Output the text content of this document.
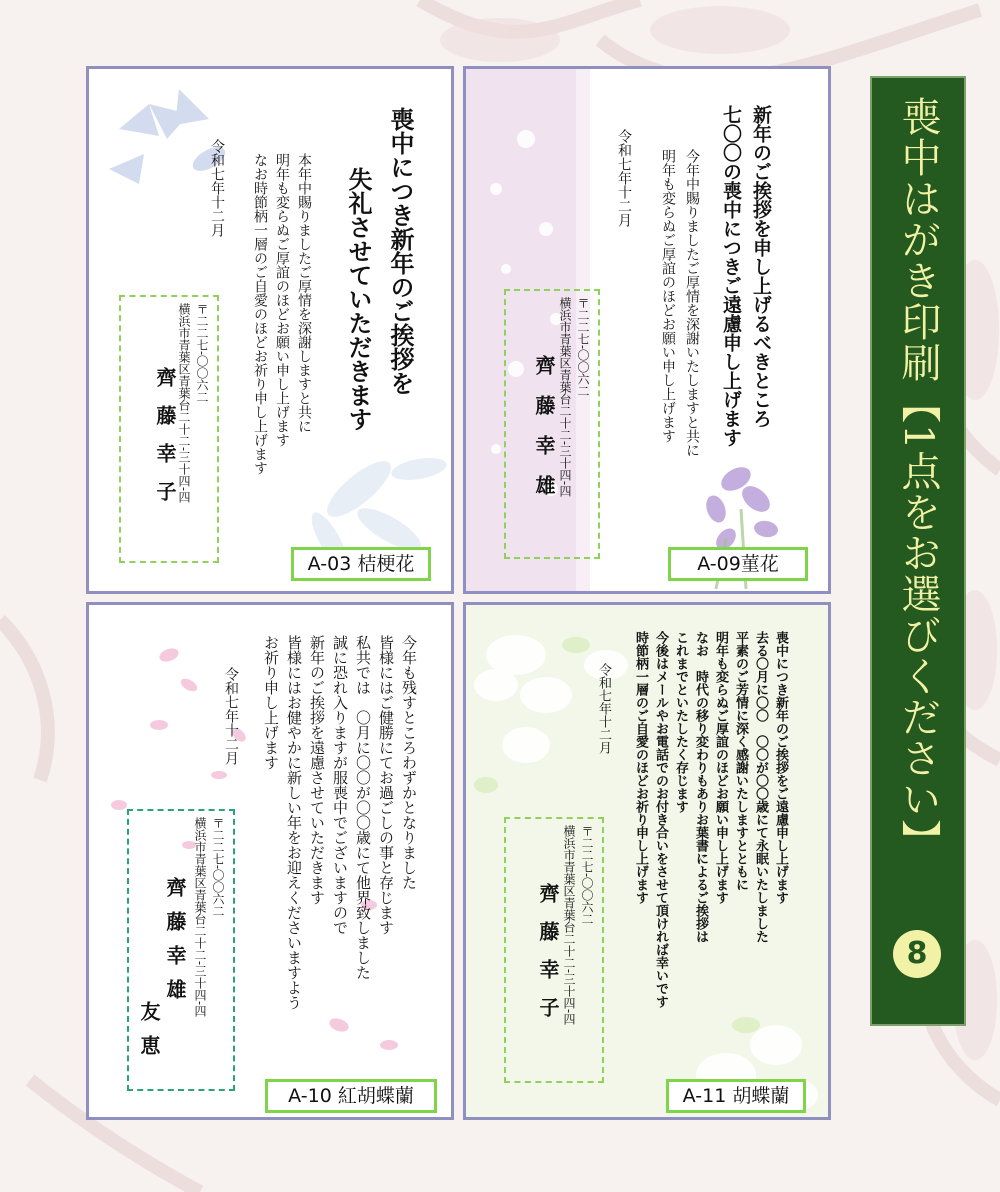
喪中につき新年のご挨拶を
失礼させていただきます
本年中賜りましたご厚情を深謝しますと共に
明年も変らぬご厚誼のほどお願い申し上げます
なお時節柄一層のご自愛のほどお祈り申し上げます
令和七年十二月
〒二二七-〇〇六二
横浜市青葉区青葉台二十二-三十四-四
齊藤幸子
A-03 桔梗花
新年のご挨拶を申し上げるべきところ
七〇〇の喪中につきご遠慮申し上げます
今年中賜りましたご厚情を深謝いたしますと共に
明年も変らぬご厚誼のほどお願い申し上げます
令和七年十二月
〒二二七-〇〇六二
横浜市青葉区青葉台二十二-三十四-四
齊藤幸雄
A-09菫花
今年も残すところわずかとなりました
皆様にはご健勝にてお過ごしの事と存じます
私共では　〇月に〇〇が〇〇歳にて他界致しました
誠に恐れ入りますが服喪中でございますので
新年のご挨拶を遠慮させていただきます
皆様にはお健やかに新しい年をお迎えくださいますよう
お祈り申し上げます
令和七年十二月
〒二二七-〇〇六二
横浜市青葉区青葉台二十二-三十四-四
齊藤幸雄
友恵
A-10 紅胡蝶蘭
喪中につき新年のご挨拶をご遠慮申し上げます
去る〇月に〇〇　〇〇が〇〇歳にて永眠いたしました
平素のご芳情に深く感謝いたしますとともに
明年も変らぬご厚誼のほどお願い申し上げます
なお　時代の移り変わりもありお葉書によるご挨拶は
これまでといたしたく存じます
今後はメールやお電話でのお付き合いをさせて頂ければ幸いです
時節柄一層のご自愛のほどお祈り申し上げます
令和七年十二月
〒二二七-〇〇六二
横浜市青葉区青葉台二十二-三十四-四
齊藤幸子
A-11 胡蝶蘭
喪中はがき印刷【1点をお選びください】
8
